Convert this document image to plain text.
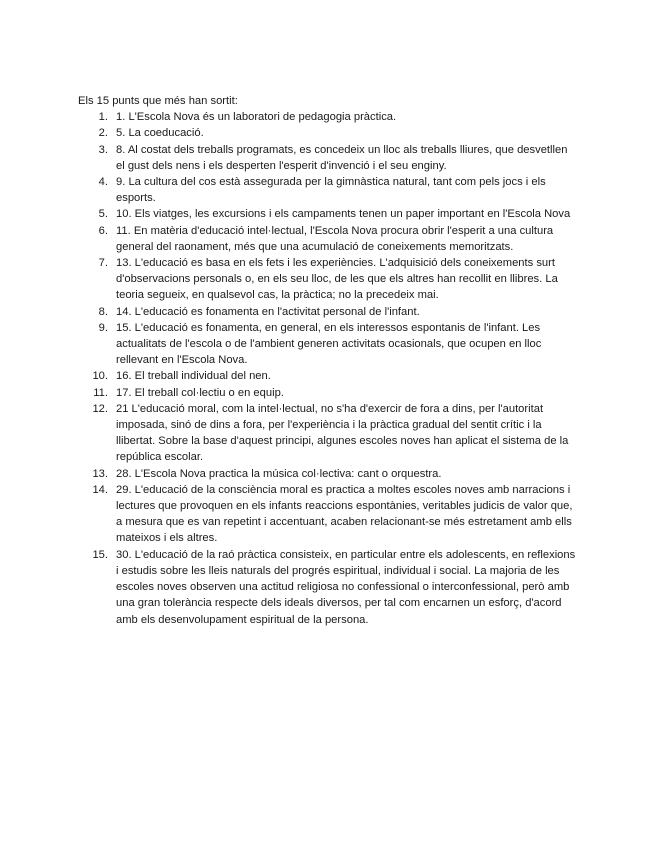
Els 15 punts que més han sortit:

1. 1. L'Escola Nova és un laboratori de pedagogia pràctica.
2. 5. La coeducació.
3. 8. Al costat dels treballs programats, es concedeix un lloc als treballs lliures, que desvetllen el gust dels nens i els desperten l'esperit d'invenció i el seu enginy.
4. 9. La cultura del cos està assegurada per la gimnàstica natural, tant com pels jocs i els esports.
5. 10. Els viatges, les excursions i els campaments tenen un paper important en l'Escola Nova
6. 11. En matèria d'educació intel·lectual, l'Escola Nova procura obrir l'esperit a una cultura general del raonament, més que una acumulació de coneixements memoritzats.
7. 13. L'educació es basa en els fets i les experiències. L'adquisició dels coneixements surt d'observacions personals o, en els seu lloc, de les que els altres han recollit en llibres. La teoria segueix, en qualsevol cas, la pràctica; no la precedeix mai.
8. 14. L'educació es fonamenta en l'activitat personal de l'infant.
9. 15. L'educació es fonamenta, en general, en els interessos espontanis de l'infant. Les actualitats de l'escola o de l'ambient generen activitats ocasionals, que ocupen en lloc rellevant en l'Escola Nova.
10. 16. El treball individual del nen.
11. 17. El treball col·lectiu o en equip.
12. 21 L'educació moral, com la intel·lectual, no s'ha d'exercir de fora a dins, per l'autoritat imposada, sinó de dins a fora, per l'experiència i la pràctica gradual del sentit crític i la llibertat. Sobre la base d'aquest principi, algunes escoles noves han aplicat el sistema de la república escolar.
13. 28. L'Escola Nova practica la música col·lectiva: cant o orquestra.
14. 29. L'educació de la consciència moral es practica a moltes escoles noves amb narracions i lectures que provoquen en els infants reaccions espontànies, veritables judicis de valor que, a mesura que es van repetint i accentuant, acaben relacionant-se més estretament amb ells mateixos i els altres.
15. 30. L'educació de la raó pràctica consisteix, en particular entre els adolescents, en reflexions i estudis sobre les lleis naturals del progrés espiritual, individual i social. La majoria de les escoles noves observen una actitud religiosa no confessional o interconfessional, però amb una gran tolerància respecte dels ideals diversos, per tal com encarnen un esforç, d'acord amb els desenvolupament espiritual de la persona.
